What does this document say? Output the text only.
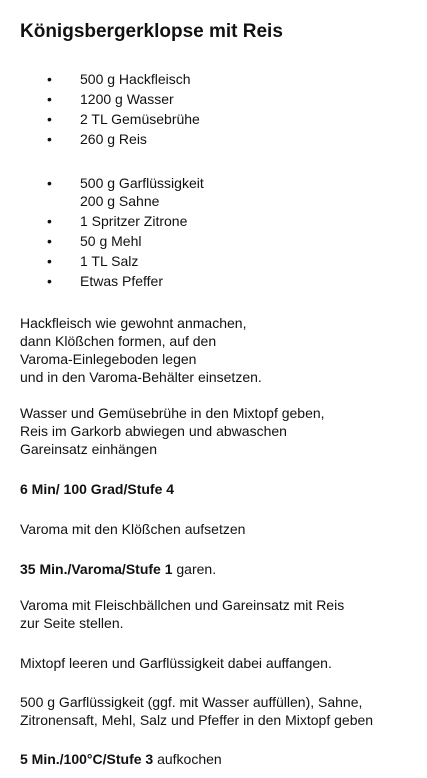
Königsbergerklopse mit Reis
• 500 g Hackfleisch
• 1200 g Wasser
• 2 TL Gemüsebrühe
• 260 g Reis
• 500 g Garflüssigkeit
200 g Sahne
• 1 Spritzer Zitrone
• 50 g Mehl
• 1 TL Salz
• Etwas Pfeffer

Hackfleisch wie gewohnt anmachen,
dann Klößchen formen, auf den
Varoma-Einlegeboden legen
und in den Varoma-Behälter einsetzen.

Wasser und Gemüsebrühe in den Mixtopf geben,
Reis im Garkorb abwiegen und abwaschen
Gareinsatz einhängen

6 Min/ 100 Grad/Stufe 4

Varoma mit den Klößchen aufsetzen

35 Min./Varoma/Stufe 1 garen.

Varoma mit Fleischbällchen und Gareinsatz mit Reis
zur Seite stellen.

Mixtopf leeren und Garflüssigkeit dabei auffangen.

500 g Garflüssigkeit (ggf. mit Wasser auffüllen), Sahne,
Zitronensaft, Mehl, Salz und Pfeffer in den Mixtopf geben

5 Min./100°C/Stufe 3 aufkochen
